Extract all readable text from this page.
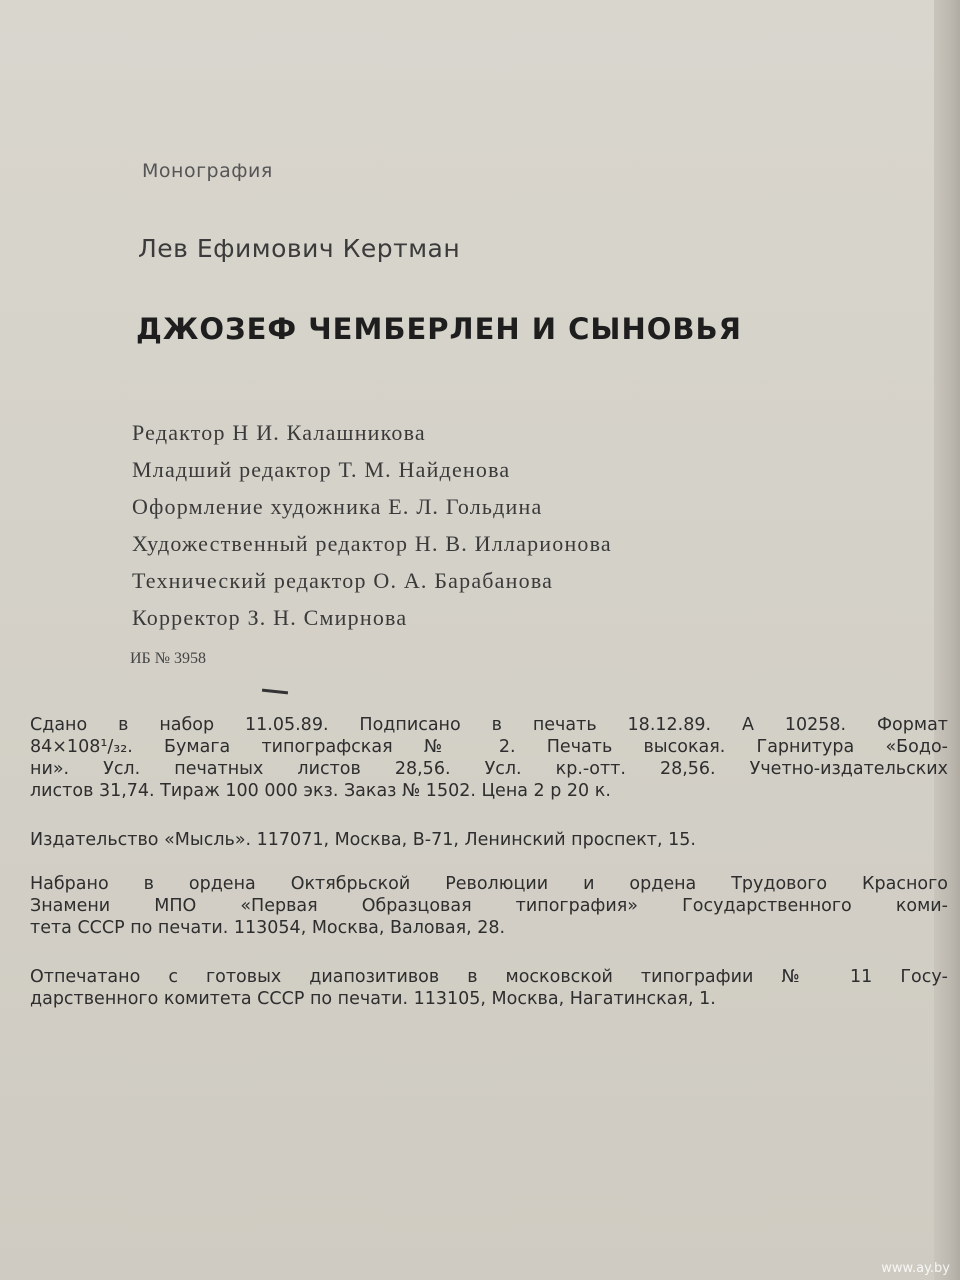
Монография
Лев Ефимович Кертман
ДЖОЗЕФ ЧЕМБЕРЛЕН И СЫНОВЬЯ
Редактор Н И. Калашникова
Младший редактор Т. М. Найденова
Оформление художника Е. Л. Гольдина
Художественный редактор Н. В. Илларионова
Технический редактор О. А. Барабанова
Корректор З. Н. Смирнова
ИБ № 3958

Сдано в набор 11.05.89. Подписано в печать 18.12.89. А 10258. Формат
84×108¹/₃₂. Бумага типографская № 2. Печать высокая. Гарнитура «Бодо-
ни». Усл. печатных листов 28,56. Усл. кр.-отт. 28,56. Учетно-издательских
листов 31,74. Тираж 100 000 экз. Заказ № 1502. Цена 2 р 20 к.

Издательство «Мысль». 117071, Москва, В-71, Ленинский проспект, 15.

Набрано в ордена Октябрьской Революции и ордена Трудового Красного
Знамени МПО «Первая Образцовая типография» Государственного коми-
тета СССР по печати. 113054, Москва, Валовая, 28.

Отпечатано с готовых диапозитивов в московской типографии № 11 Госу-
дарственного комитета СССР по печати. 113105, Москва, Нагатинская, 1.

www.ay.by
